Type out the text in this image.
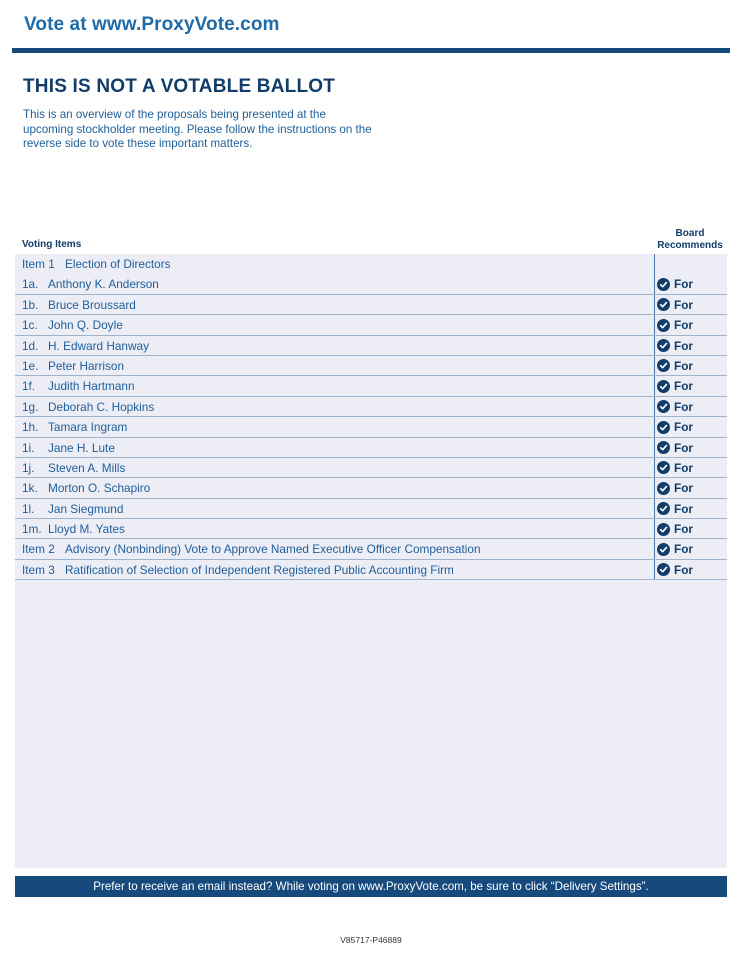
Vote at www.ProxyVote.com
THIS IS NOT A VOTABLE BALLOT
This is an overview of the proposals being presented at the upcoming stockholder meeting. Please follow the instructions on the reverse side to vote these important matters.
Voting Items
Board
Recommends
Item 1 Election of Directors
1a. Anthony K. Anderson	For
1b. Bruce Broussard	For
1c. John Q. Doyle	For
1d. H. Edward Hanway	For
1e. Peter Harrison	For
1f. Judith Hartmann	For
1g. Deborah C. Hopkins	For
1h. Tamara Ingram	For
1i. Jane H. Lute	For
1j. Steven A. Mills	For
1k. Morton O. Schapiro	For
1l. Jan Siegmund	For
1m. Lloyd M. Yates	For
Item 2 Advisory (Nonbinding) Vote to Approve Named Executive Officer Compensation	For
Item 3 Ratification of Selection of Independent Registered Public Accounting Firm	For
Prefer to receive an email instead? While voting on www.ProxyVote.com, be sure to click “Delivery Settings”.
V85717-P46889
